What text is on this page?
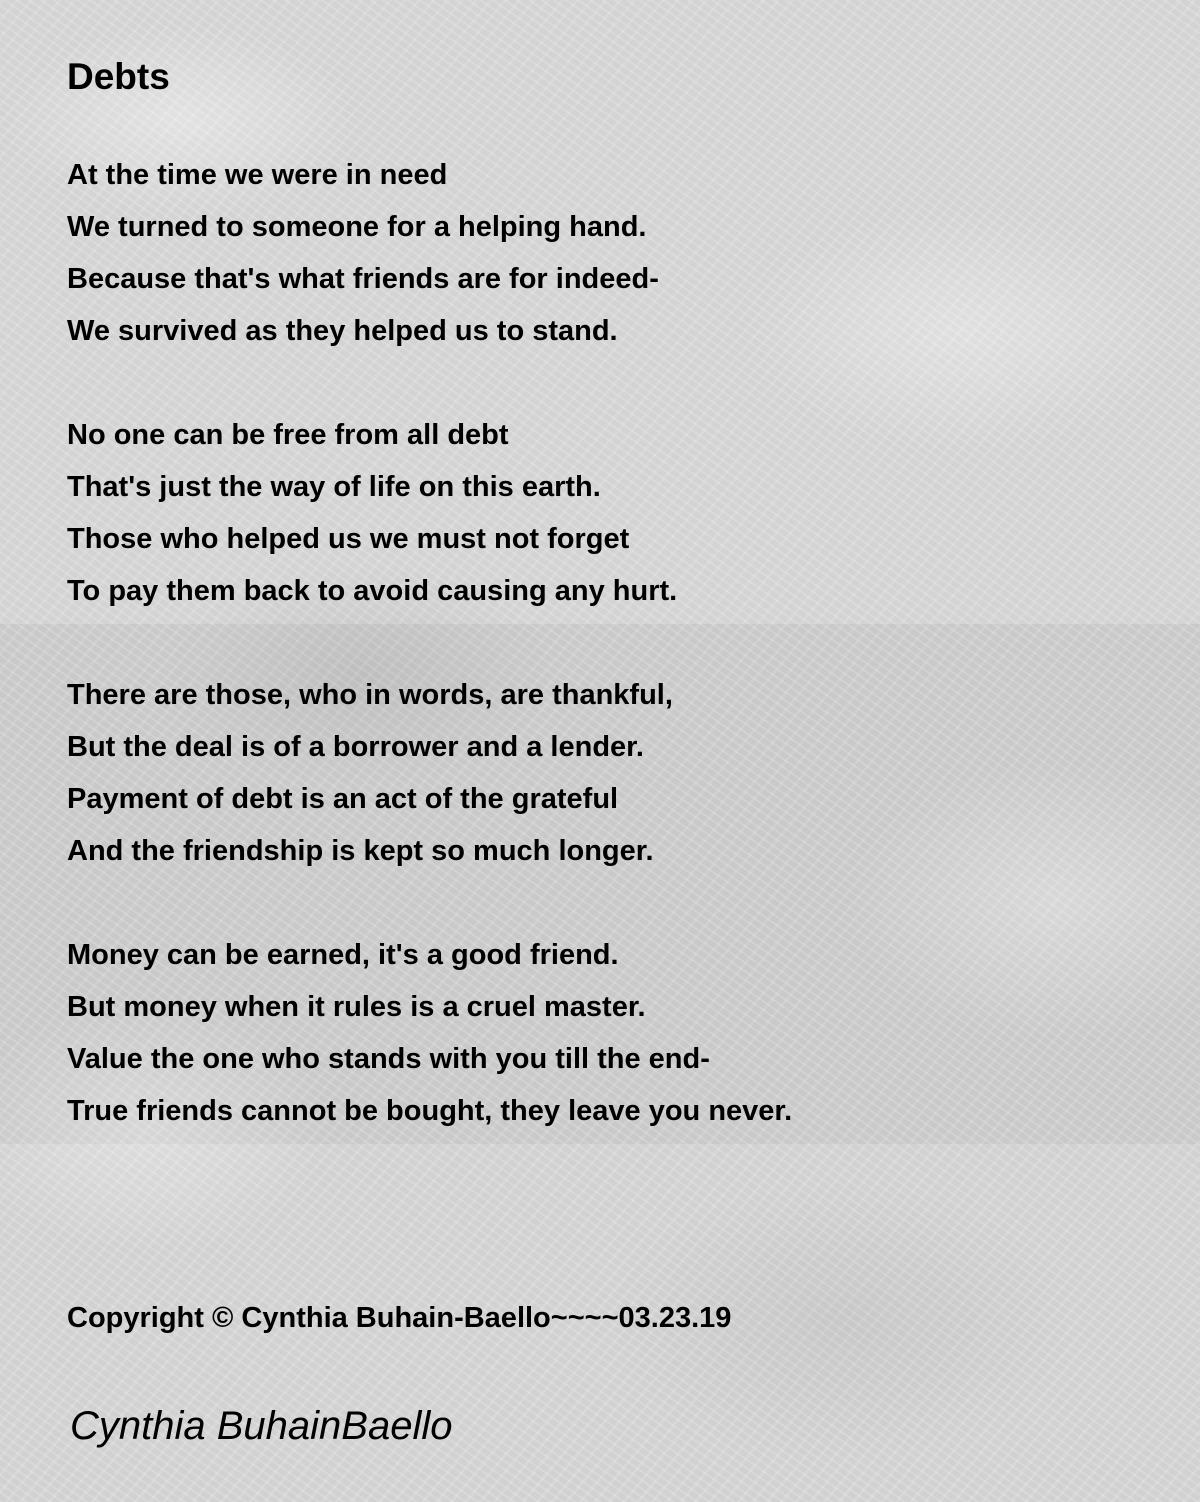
Debts
At the time we were in need
We turned to someone for a helping hand.
Because that's what friends are for indeed-
We survived as they helped us to stand.
No one can be free from all debt
That's just the way of life on this earth.
Those who helped us we must not forget
To pay them back to avoid causing any hurt.
There are those, who in words, are thankful,
But the deal is of a borrower and a lender.
Payment of debt is an act of the grateful
And the friendship is kept so much longer.
Money can be earned, it's a good friend.
But money when it rules is a cruel master.
Value the one who stands with you till the end-
True friends cannot be bought, they leave you never.

Copyright © Cynthia Buhain-Baello~~~~03.23.19

Cynthia BuhainBaello
